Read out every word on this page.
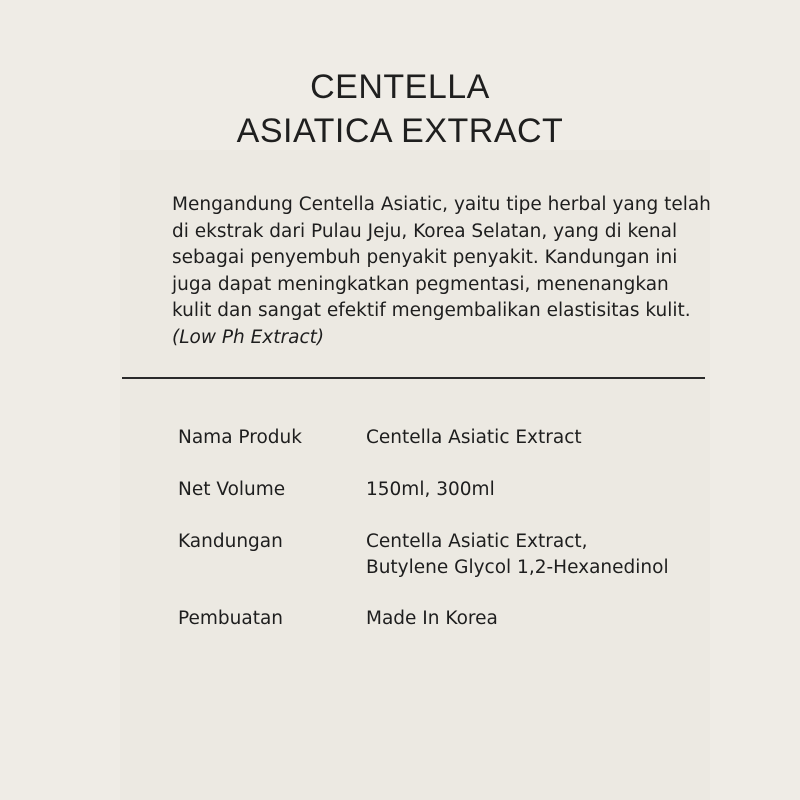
CENTELLA
ASIATICA EXTRACT
Mengandung Centella Asiatic, yaitu tipe herbal yang telah di ekstrak dari Pulau Jeju, Korea Selatan, yang di kenal sebagai penyembuh penyakit penyakit. Kandungan ini juga dapat meningkatkan pegmentasi, menenangkan kulit dan sangat efektif mengembalikan elastisitas kulit. (Low Ph Extract)
Nama Produk	Centella Asiatic Extract
Net Volume	150ml, 300ml
Kandungan	Centella Asiatic Extract,
Butylene Glycol 1,2-Hexanedinol
Pembuatan	Made In Korea
